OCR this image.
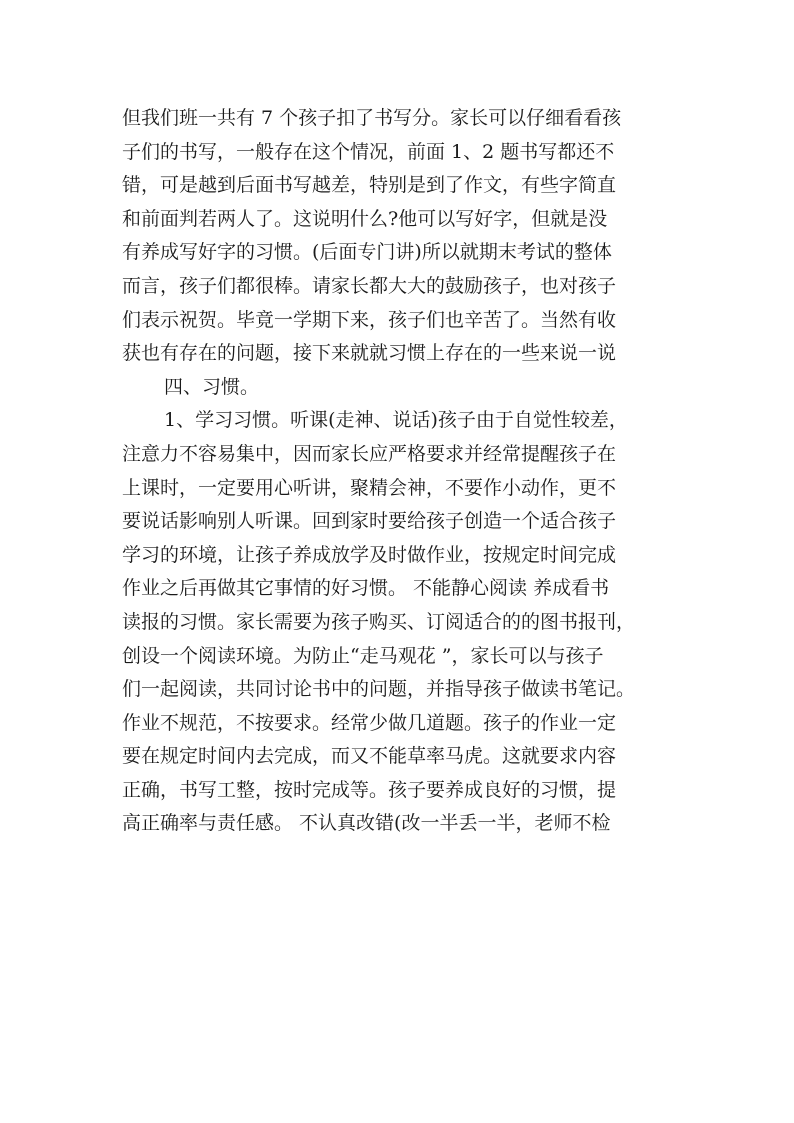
但我们班一共有 7 个孩子扣了书写分。家长可以仔细看看孩
子们的书写，一般存在这个情况，前面 1、2 题书写都还不
错，可是越到后面书写越差，特别是到了作文，有些字简直
和前面判若两人了。这说明什么?他可以写好字，但就是没
有养成写好字的习惯。(后面专门讲)所以就期末考试的整体
而言，孩子们都很棒。请家长都大大的鼓励孩子，也对孩子
们表示祝贺。毕竟一学期下来，孩子们也辛苦了。当然有收
获也有存在的问题，接下来就就习惯上存在的一些来说一说
四、习惯。
1、学习习惯。听课(走神、说话)孩子由于自觉性较差，
注意力不容易集中，因而家长应严格要求并经常提醒孩子在
上课时，一定要用心听讲，聚精会神，不要作小动作，更不
要说话影响别人听课。回到家时要给孩子创造一个适合孩子
学习的环境，让孩子养成放学及时做作业，按规定时间完成
作业之后再做其它事情的好习惯。 不能静心阅读 养成看书
读报的习惯。家长需要为孩子购买、订阅适合的的图书报刊，
创设一个阅读环境。为防止“走马观花 ”，家长可以与孩子
们一起阅读，共同讨论书中的问题，并指导孩子做读书笔记。
作业不规范，不按要求。经常少做几道题。孩子的作业一定
要在规定时间内去完成，而又不能草率马虎。这就要求内容
正确，书写工整，按时完成等。孩子要养成良好的习惯，提
高正确率与责任感。 不认真改错(改一半丢一半，老师不检
